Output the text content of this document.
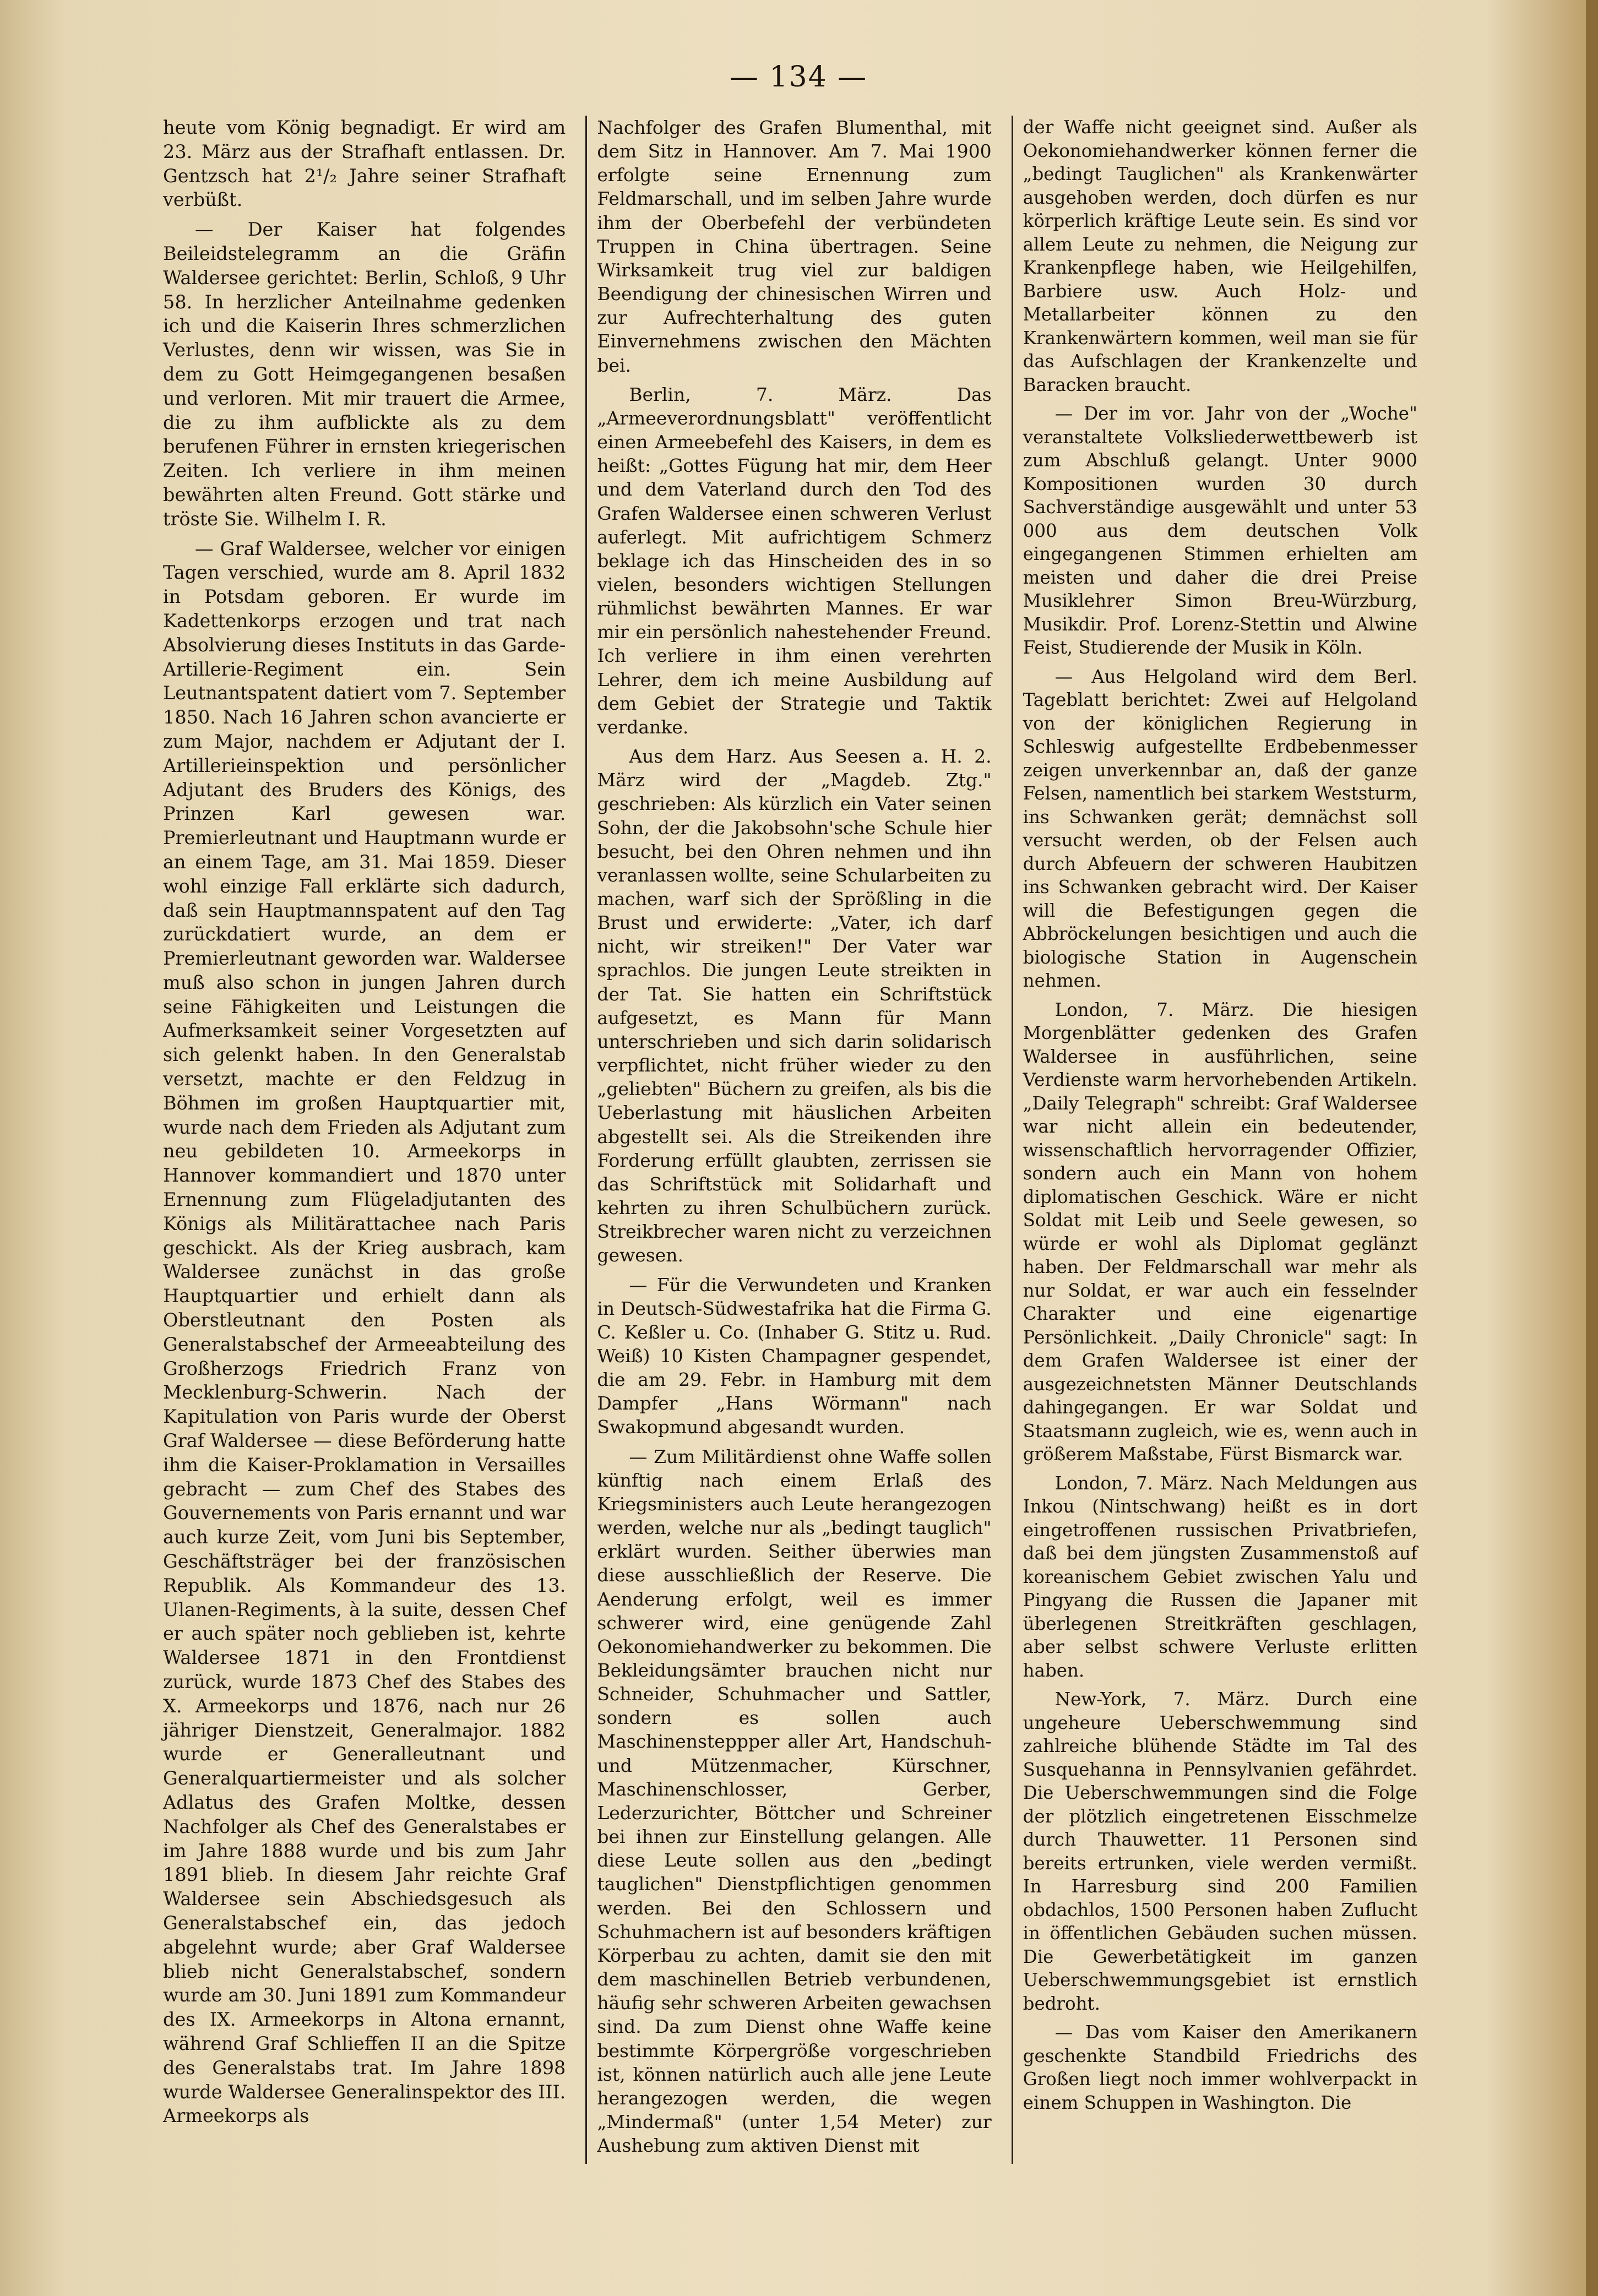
— 134 —

heute vom König begnadigt. Er wird am 23. März aus der Strafhaft entlassen. Dr. Gentzsch hat 2¹/₂ Jahre seiner Strafhaft verbüßt.

— Der Kaiser hat folgendes Beileidstelegramm an die Gräfin Waldersee gerichtet: Berlin, Schloß, 9 Uhr 58. In herzlicher Anteilnahme gedenken ich und die Kaiserin Ihres schmerzlichen Verlustes, denn wir wissen, was Sie in dem zu Gott Heimgegangenen besaßen und verloren. Mit mir trauert die Armee, die zu ihm aufblickte als zu dem berufenen Führer in ernsten kriegerischen Zeiten. Ich verliere in ihm meinen bewährten alten Freund. Gott stärke und tröste Sie. Wilhelm I. R.

— Graf Waldersee, welcher vor einigen Tagen verschied, wurde am 8. April 1832 in Potsdam geboren. Er wurde im Kadettenkorps erzogen und trat nach Absolvierung dieses Instituts in das Garde-Artillerie-Regiment ein. Sein Leutnantspatent datiert vom 7. September 1850. Nach 16 Jahren schon avancierte er zum Major, nachdem er Adjutant der I. Artillerieinspektion und persönlicher Adjutant des Bruders des Königs, des Prinzen Karl gewesen war. Premierleutnant und Hauptmann wurde er an einem Tage, am 31. Mai 1859. Dieser wohl einzige Fall erklärte sich dadurch, daß sein Hauptmannspatent auf den Tag zurückdatiert wurde, an dem er Premierleutnant geworden war. Waldersee muß also schon in jungen Jahren durch seine Fähigkeiten und Leistungen die Aufmerksamkeit seiner Vorgesetzten auf sich gelenkt haben. In den Generalstab versetzt, machte er den Feldzug in Böhmen im großen Hauptquartier mit, wurde nach dem Frieden als Adjutant zum neu gebildeten 10. Armeekorps in Hannover kommandiert und 1870 unter Ernennung zum Flügeladjutanten des Königs als Militärattachee nach Paris geschickt. Als der Krieg ausbrach, kam Waldersee zunächst in das große Hauptquartier und erhielt dann als Oberstleutnant den Posten als Generalstabschef der Armeeabteilung des Großherzogs Friedrich Franz von Mecklenburg-Schwerin. Nach der Kapitulation von Paris wurde der Oberst Graf Waldersee — diese Beförderung hatte ihm die Kaiser-Proklamation in Versailles gebracht — zum Chef des Stabes des Gouvernements von Paris ernannt und war auch kurze Zeit, vom Juni bis September, Geschäftsträger bei der französischen Republik. Als Kommandeur des 13. Ulanen-Regiments, à la suite, dessen Chef er auch später noch geblieben ist, kehrte Waldersee 1871 in den Frontdienst zurück, wurde 1873 Chef des Stabes des X. Armeekorps und 1876, nach nur 26 jähriger Dienstzeit, Generalmajor. 1882 wurde er Generalleutnant und Generalquartiermeister und als solcher Adlatus des Grafen Moltke, dessen Nachfolger als Chef des Generalstabes er im Jahre 1888 wurde und bis zum Jahr 1891 blieb. In diesem Jahr reichte Graf Waldersee sein Abschiedsgesuch als Generalstabschef ein, das jedoch abgelehnt wurde; aber Graf Waldersee blieb nicht Generalstabschef, sondern wurde am 30. Juni 1891 zum Kommandeur des IX. Armeekorps in Altona ernannt, während Graf Schlieffen II an die Spitze des Generalstabs trat. Im Jahre 1898 wurde Waldersee Generalinspektor des III. Armeekorps als

Nachfolger des Grafen Blumenthal, mit dem Sitz in Hannover. Am 7. Mai 1900 erfolgte seine Ernennung zum Feldmarschall, und im selben Jahre wurde ihm der Oberbefehl der verbündeten Truppen in China übertragen. Seine Wirksamkeit trug viel zur baldigen Beendigung der chinesischen Wirren und zur Aufrechterhaltung des guten Einvernehmens zwischen den Mächten bei.

Berlin, 7. März. Das „Armeeverordnungsblatt" veröffentlicht einen Armeebefehl des Kaisers, in dem es heißt: „Gottes Fügung hat mir, dem Heer und dem Vaterland durch den Tod des Grafen Waldersee einen schweren Verlust auferlegt. Mit aufrichtigem Schmerz beklage ich das Hinscheiden des in so vielen, besonders wichtigen Stellungen rühmlichst bewährten Mannes. Er war mir ein persönlich nahestehender Freund. Ich verliere in ihm einen verehrten Lehrer, dem ich meine Ausbildung auf dem Gebiet der Strategie und Taktik verdanke.

Aus dem Harz. Aus Seesen a. H. 2. März wird der „Magdeb. Ztg." geschrieben: Als kürzlich ein Vater seinen Sohn, der die Jakobsohn'sche Schule hier besucht, bei den Ohren nehmen und ihn veranlassen wollte, seine Schularbeiten zu machen, warf sich der Sprößling in die Brust und erwiderte: „Vater, ich darf nicht, wir streiken!" Der Vater war sprachlos. Die jungen Leute streikten in der Tat. Sie hatten ein Schriftstück aufgesetzt, es Mann für Mann unterschrieben und sich darin solidarisch verpflichtet, nicht früher wieder zu den „geliebten" Büchern zu greifen, als bis die Ueberlastung mit häuslichen Arbeiten abgestellt sei. Als die Streikenden ihre Forderung erfüllt glaubten, zerrissen sie das Schriftstück mit Solidarhaft und kehrten zu ihren Schulbüchern zurück. Streikbrecher waren nicht zu verzeichnen gewesen.

— Für die Verwundeten und Kranken in Deutsch-Südwestafrika hat die Firma G. C. Keßler u. Co. (Inhaber G. Stitz u. Rud. Weiß) 10 Kisten Champagner gespendet, die am 29. Febr. in Hamburg mit dem Dampfer „Hans Wörmann" nach Swakopmund abgesandt wurden.

— Zum Militärdienst ohne Waffe sollen künftig nach einem Erlaß des Kriegsministers auch Leute herangezogen werden, welche nur als „bedingt tauglich" erklärt wurden. Seither überwies man diese ausschließlich der Reserve. Die Aenderung erfolgt, weil es immer schwerer wird, eine genügende Zahl Oekonomiehandwerker zu bekommen. Die Bekleidungsämter brauchen nicht nur Schneider, Schuhmacher und Sattler, sondern es sollen auch Maschinensteppper aller Art, Handschuh- und Mützenmacher, Kürschner, Maschinenschlosser, Gerber, Lederzurichter, Böttcher und Schreiner bei ihnen zur Einstellung gelangen. Alle diese Leute sollen aus den „bedingt tauglichen" Dienstpflichtigen genommen werden. Bei den Schlossern und Schuhmachern ist auf besonders kräftigen Körperbau zu achten, damit sie den mit dem maschinellen Betrieb verbundenen, häufig sehr schweren Arbeiten gewachsen sind. Da zum Dienst ohne Waffe keine bestimmte Körpergröße vorgeschrieben ist, können natürlich auch alle jene Leute herangezogen werden, die wegen „Mindermaß" (unter 1,54 Meter) zur Aushebung zum aktiven Dienst mit

der Waffe nicht geeignet sind. Außer als Oekonomiehandwerker können ferner die „bedingt Tauglichen" als Krankenwärter ausgehoben werden, doch dürfen es nur körperlich kräftige Leute sein. Es sind vor allem Leute zu nehmen, die Neigung zur Krankenpflege haben, wie Heilgehilfen, Barbiere usw. Auch Holz- und Metallarbeiter können zu den Krankenwärtern kommen, weil man sie für das Aufschlagen der Krankenzelte und Baracken braucht.

— Der im vor. Jahr von der „Woche" veranstaltete Volksliederwettbewerb ist zum Abschluß gelangt. Unter 9000 Kompositionen wurden 30 durch Sachverständige ausgewählt und unter 53 000 aus dem deutschen Volk eingegangenen Stimmen erhielten am meisten und daher die drei Preise Musiklehrer Simon Breu-Würzburg, Musikdir. Prof. Lorenz-Stettin und Alwine Feist, Studierende der Musik in Köln.

— Aus Helgoland wird dem Berl. Tageblatt berichtet: Zwei auf Helgoland von der königlichen Regierung in Schleswig aufgestellte Erdbebenmesser zeigen unverkennbar an, daß der ganze Felsen, namentlich bei starkem Weststurm, ins Schwanken gerät; demnächst soll versucht werden, ob der Felsen auch durch Abfeuern der schweren Haubitzen ins Schwanken gebracht wird. Der Kaiser will die Befestigungen gegen die Abbröckelungen besichtigen und auch die biologische Station in Augenschein nehmen.

London, 7. März. Die hiesigen Morgenblätter gedenken des Grafen Waldersee in ausführlichen, seine Verdienste warm hervorhebenden Artikeln. „Daily Telegraph" schreibt: Graf Waldersee war nicht allein ein bedeutender, wissenschaftlich hervorragender Offizier, sondern auch ein Mann von hohem diplomatischen Geschick. Wäre er nicht Soldat mit Leib und Seele gewesen, so würde er wohl als Diplomat geglänzt haben. Der Feldmarschall war mehr als nur Soldat, er war auch ein fesselnder Charakter und eine eigenartige Persönlichkeit. „Daily Chronicle" sagt: In dem Grafen Waldersee ist einer der ausgezeichnetsten Männer Deutschlands dahingegangen. Er war Soldat und Staatsmann zugleich, wie es, wenn auch in größerem Maßstabe, Fürst Bismarck war.

London, 7. März. Nach Meldungen aus Inkou (Nintschwang) heißt es in dort eingetroffenen russischen Privatbriefen, daß bei dem jüngsten Zusammenstoß auf koreanischem Gebiet zwischen Yalu und Pingyang die Russen die Japaner mit überlegenen Streitkräften geschlagen, aber selbst schwere Verluste erlitten haben.

New-York, 7. März. Durch eine ungeheure Ueberschwemmung sind zahlreiche blühende Städte im Tal des Susquehanna in Pennsylvanien gefährdet. Die Ueberschwemmungen sind die Folge der plötzlich eingetretenen Eisschmelze durch Thauwetter. 11 Personen sind bereits ertrunken, viele werden vermißt. In Harresburg sind 200 Familien obdachlos, 1500 Personen haben Zuflucht in öffentlichen Gebäuden suchen müssen. Die Gewerbetätigkeit im ganzen Ueberschwemmungsgebiet ist ernstlich bedroht.

— Das vom Kaiser den Amerikanern geschenkte Standbild Friedrichs des Großen liegt noch immer wohlverpackt in einem Schuppen in Washington. Die
